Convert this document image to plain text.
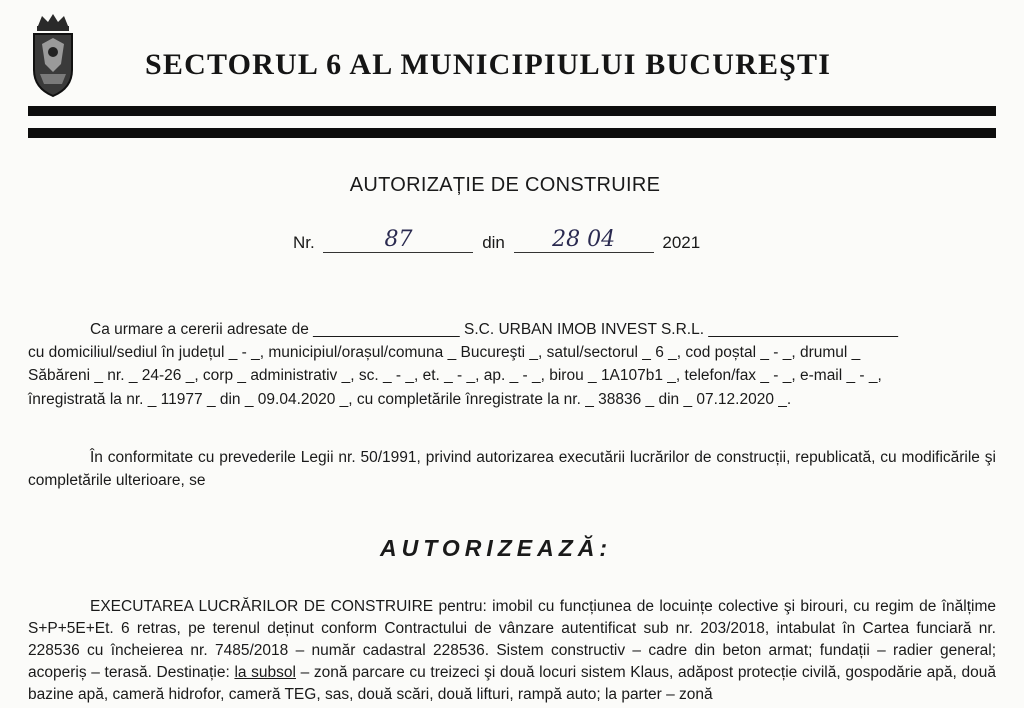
SECTORUL 6 AL MUNICIPIULUI BUCUREŞTI
AUTORIZAȚIE DE CONSTRUIRE
Nr.	87	din 28 04	2021
Ca urmare a cererii adresate de _________________ S.C. URBAN IMOB INVEST S.R.L. ______________________
cu domiciliul/sediul în județul _ - _, municipiul/orașul/comuna _ Bucureşti _, satul/sectorul _ 6 _, cod poștal _ - _, drumul _
Săbăreni _ nr. _ 24-26 _, corp _ administrativ _, sc. _ - _, et. _ - _, ap. _ - _, birou _ 1A107b1 _, telefon/fax _ - _, e-mail _ - _,
înregistrată la nr. _ 11977 _ din _ 09.04.2020 _, cu completările înregistrate la nr. _ 38836 _ din _ 07.12.2020 _.
În conformitate cu prevederile Legii nr. 50/1991, privind autorizarea executării lucrărilor de construcții, republicată, cu modificările şi completările ulterioare, se
AUTORIZEAZĂ:
EXECUTAREA LUCRĂRILOR DE CONSTRUIRE pentru: imobil cu funcțiunea de locuințe colective şi birouri, cu regim de înălțime S+P+5E+Et. 6 retras, pe terenul deținut conform Contractului de vânzare autentificat sub nr. 203/2018, intabulat în Cartea funciară nr. 228536 cu încheierea nr. 7485/2018 – număr cadastral 228536. Sistem constructiv – cadre din beton armat; fundații – radier general; acoperiș – terasă. Destinație: la subsol – zonă parcare cu treizeci şi două locuri sistem Klaus, adăpost protecție civilă, gospodărie apă, două bazine apă, cameră hidrofor, cameră TEG, sas, două scări, două lifturi, rampă auto; la parter – zonă
